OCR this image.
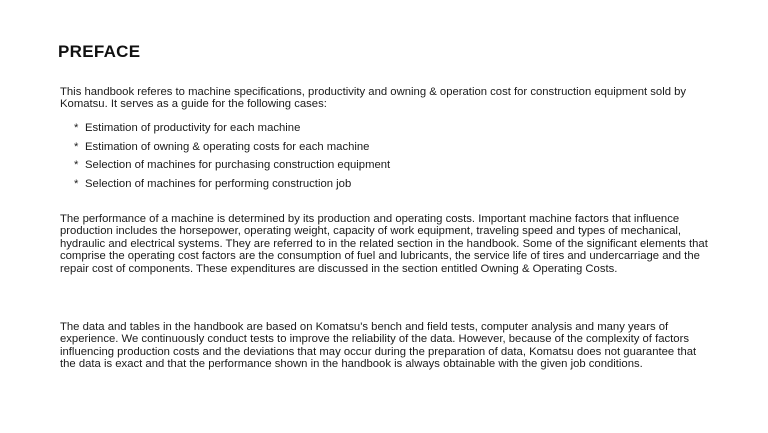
PREFACE

This handbook referes to machine specifications, productivity and owning & operation cost for construction equipment sold by Komatsu. It serves as a guide for the following cases:

* Estimation of productivity for each machine
* Estimation of owning & operating costs for each machine
* Selection of machines for purchasing construction equipment
* Selection of machines for performing construction job

The performance of a machine is determined by its production and operating costs. Important machine factors that influence production includes the horsepower, operating weight, capacity of work equipment, traveling speed and types of mechanical, hydraulic and electrical systems. They are referred to in the related section in the handbook. Some of the significant elements that comprise the operating cost factors are the consumption of fuel and lubricants, the service life of tires and undercarriage and the repair cost of components. These expenditures are discussed in the section entitled Owning & Operating Costs.

The data and tables in the handbook are based on Komatsu's bench and field tests, computer analysis and many years of experience. We continuously conduct tests to improve the reliability of the data. However, because of the complexity of factors influencing production costs and the deviations that may occur during the preparation of data, Komatsu does not guarantee that the data is exact and that the performance shown in the handbook is always obtainable with the given job conditions.
